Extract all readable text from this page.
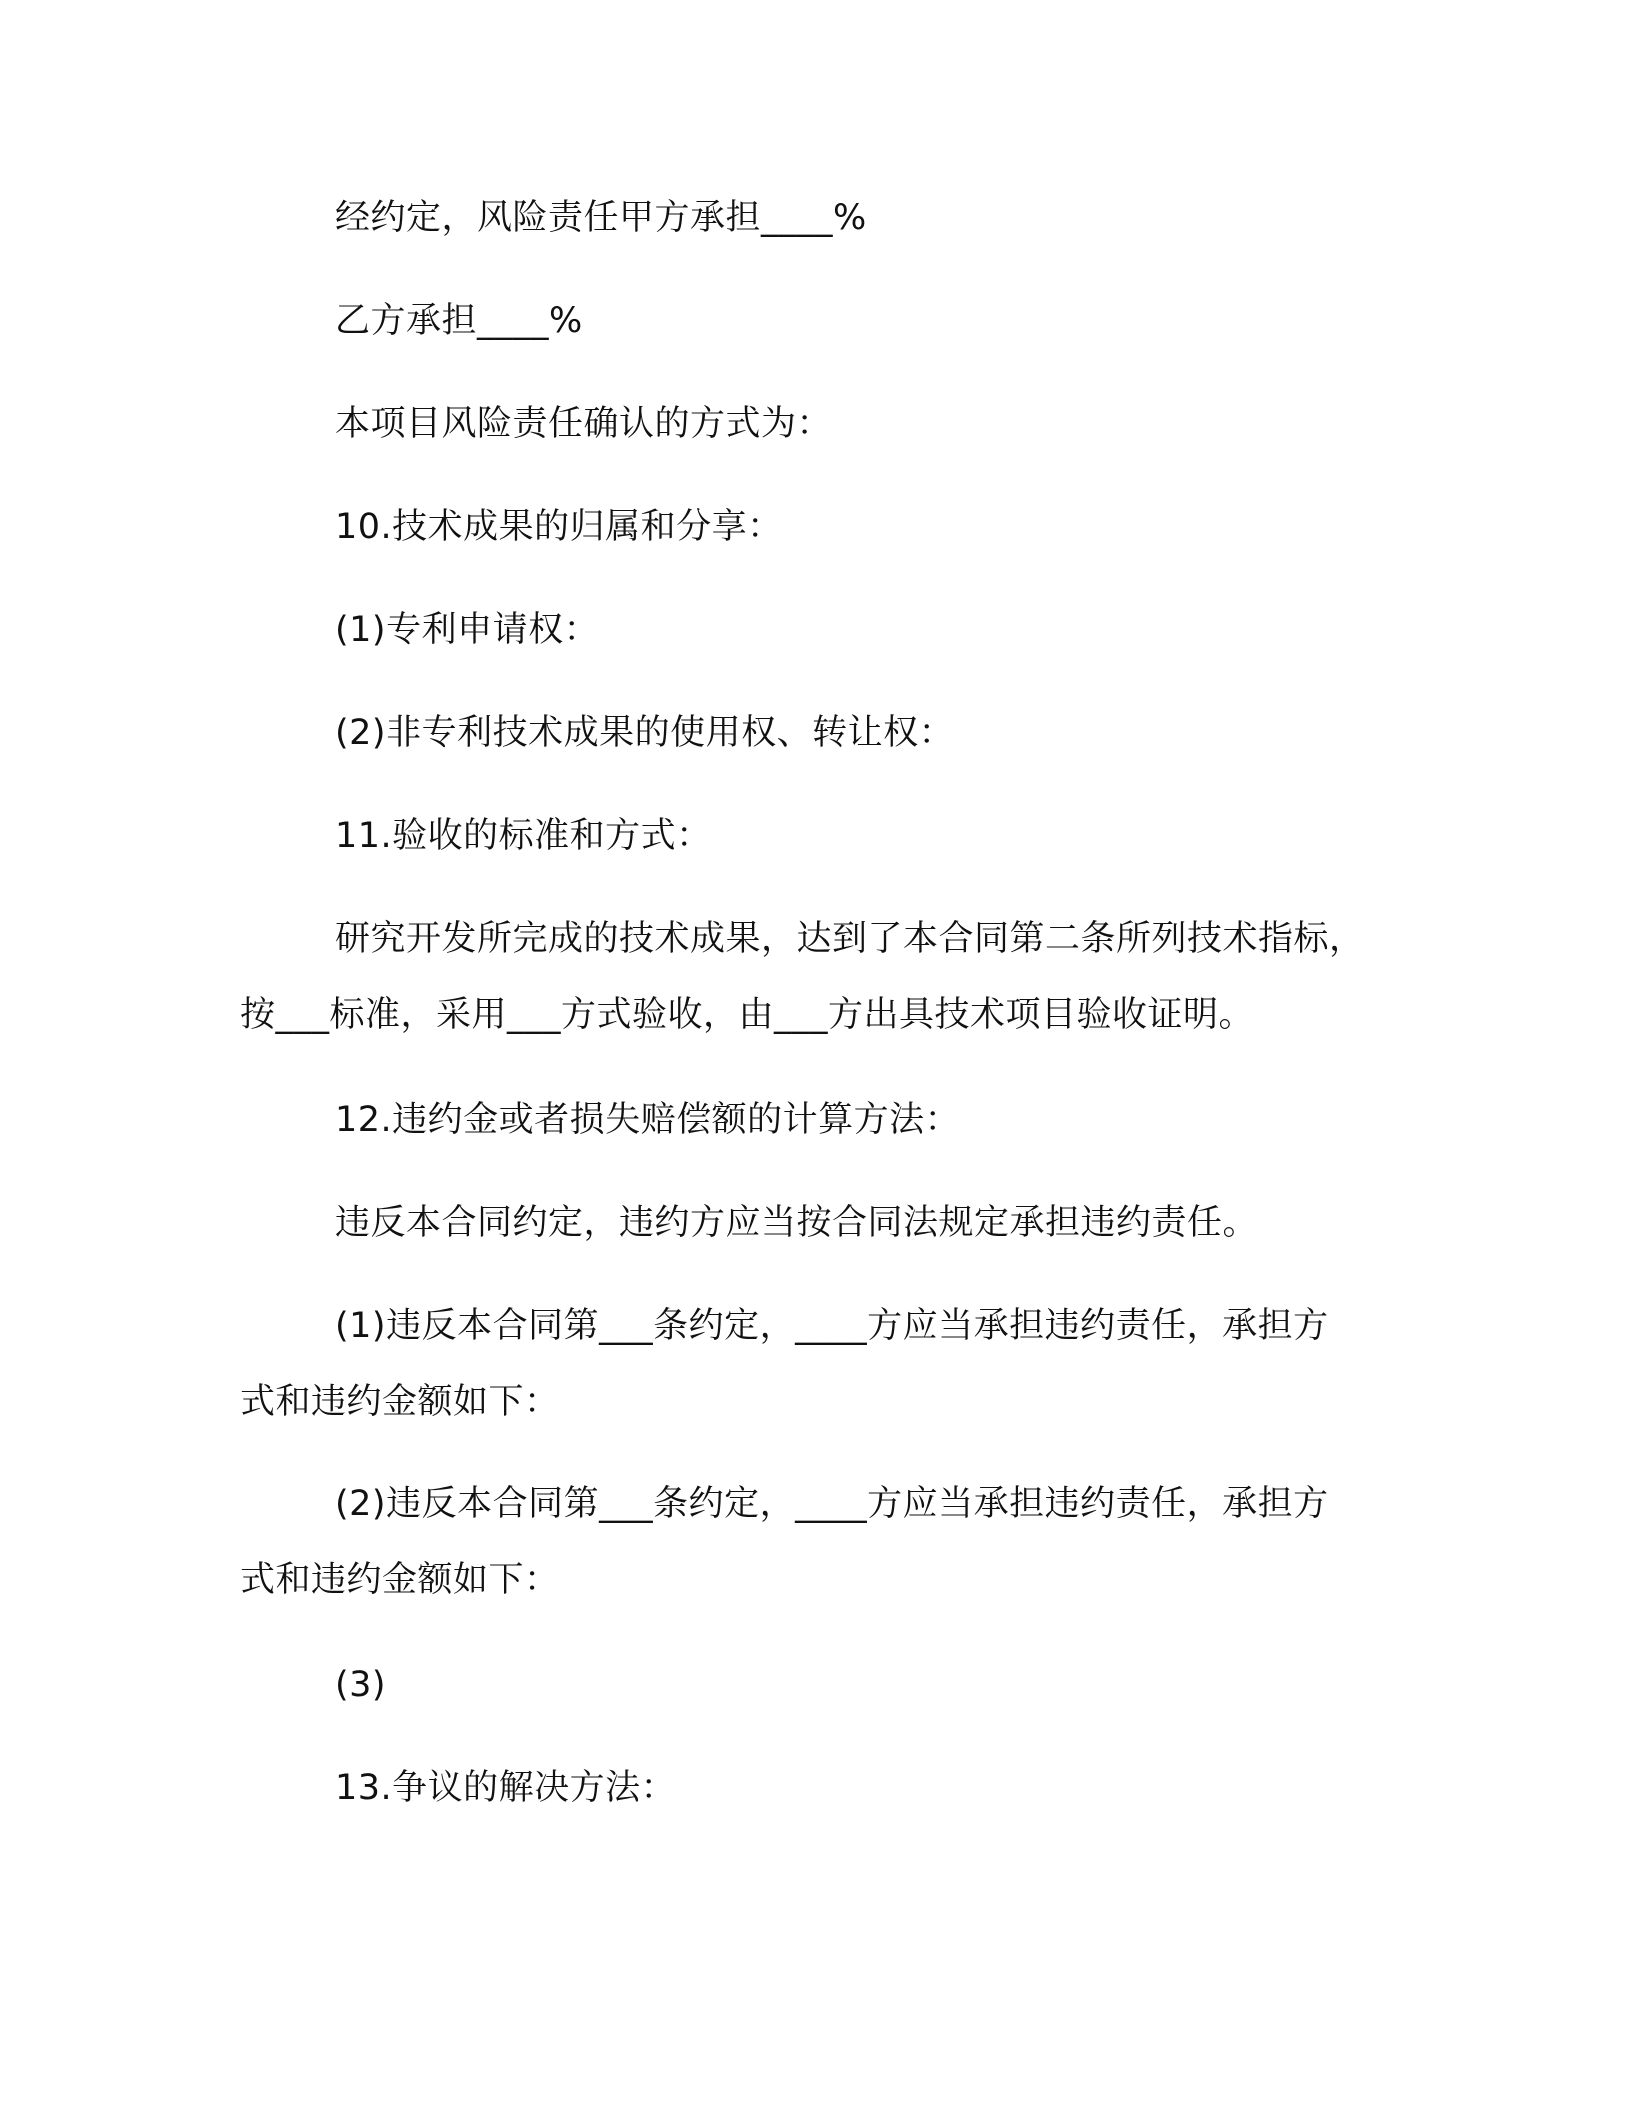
经约定，风险责任甲方承担____%
乙方承担____%
本项目风险责任确认的方式为：
10.技术成果的归属和分享：
(1)专利申请权：
(2)非专利技术成果的使用权、转让权：
11.验收的标准和方式：
研究开发所完成的技术成果，达到了本合同第二条所列技术指标，
按___标准，采用___方式验收，由___方出具技术项目验收证明。
12.违约金或者损失赔偿额的计算方法：
违反本合同约定，违约方应当按合同法规定承担违约责任。
(1)违反本合同第___条约定，____方应当承担违约责任，承担方
式和违约金额如下：
(2)违反本合同第___条约定，____方应当承担违约责任，承担方
式和违约金额如下：
(3)
13.争议的解决方法：
